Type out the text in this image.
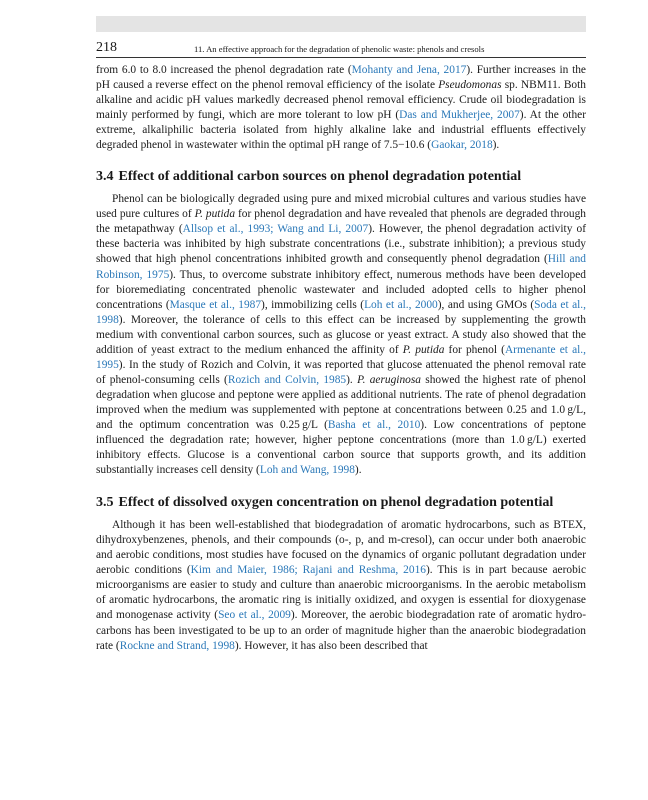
218	11. An effective approach for the degradation of phenolic waste: phenols and cresols

from 6.0 to 8.0 increased the phenol degradation rate (Mohanty and Jena, 2017). Further increases in the pH caused a reverse effect on the phenol removal efficiency of the isolate Pseudomonas sp. NBM11. Both alkaline and acidic pH values markedly decreased phenol removal efficiency. Crude oil biodegradation is mainly performed by fungi, which are more tolerant to low pH (Das and Mukherjee, 2007). At the other extreme, alkaliphilic bacteria isolated from highly alkaline lake and industrial effluents effectively degraded phenol in wastewater within the optimal pH range of 7.5−10.6 (Gaokar, 2018).

3.4 Effect of additional carbon sources on phenol degradation potential

Phenol can be biologically degraded using pure and mixed microbial cultures and various studies have used pure cultures of P. putida for phenol degradation and have revealed that phenols are degraded through the metapathway (Allsop et al., 1993; Wang and Li, 2007). However, the phenol degradation activity of these bacteria was inhibited by high substrate concentrations (i.e., substrate inhibition); a previous study showed that high phenol concentrations inhibited growth and consequently phenol degradation (Hill and Robinson, 1975). Thus, to overcome substrate inhibitory effect, numerous methods have been developed for bioremediating concentrated phenolic wastewater and included adopted cells to higher phenol concentrations (Masque et al., 1987), immobilizing cells (Loh et al., 2000), and using GMOs (Soda et al., 1998). Moreover, the tolerance of cells to this effect can be increased by supplementing the growth medium with conventional carbon sources, such as glucose or yeast extract. A study also showed that the addition of yeast extract to the medium enhanced the affinity of P. putida for phenol (Armenante et al., 1995). In the study of Rozich and Colvin, it was reported that glucose attenuated the phenol removal rate of phenol-consuming cells (Rozich and Colvin, 1985). P. aeruginosa showed the highest rate of phenol degradation when glucose and peptone were applied as additional nutrients. The rate of phenol degradation improved when the medium was supplemented with peptone at concentrations between 0.25 and 1.0 g/L, and the optimum concentration was 0.25 g/L (Basha et al., 2010). Low concentrations of peptone influenced the degradation rate; however, higher peptone concentrations (more than 1.0 g/L) exerted inhibitory effects. Glucose is a conventional carbon source that supports growth, and its addition substantially increases cell density (Loh and Wang, 1998).

3.5 Effect of dissolved oxygen concentration on phenol degradation potential

Although it has been well-established that biodegradation of aromatic hydrocarbons, such as BTEX, dihydroxybenzenes, phenols, and their compounds (o-, p, and m-cresol), can occur under both anaerobic and aerobic conditions, most studies have focused on the dynamics of organic pollutant degradation under aerobic conditions (Kim and Maier, 1986; Rajani and Reshma, 2016). This is in part because aerobic microorganisms are easier to study and culture than anaerobic microorganisms. In the aerobic metabolism of aromatic hydrocarbons, the aromatic ring is initially oxidized, and oxygen is essential for dioxygenase and monogenase activity (Seo et al., 2009). Moreover, the aerobic biodegradation rate of aromatic hydrocarbons has been investigated to be up to an order of magnitude higher than the anaerobic biodegradation rate (Rockne and Strand, 1998). However, it has also been described that
